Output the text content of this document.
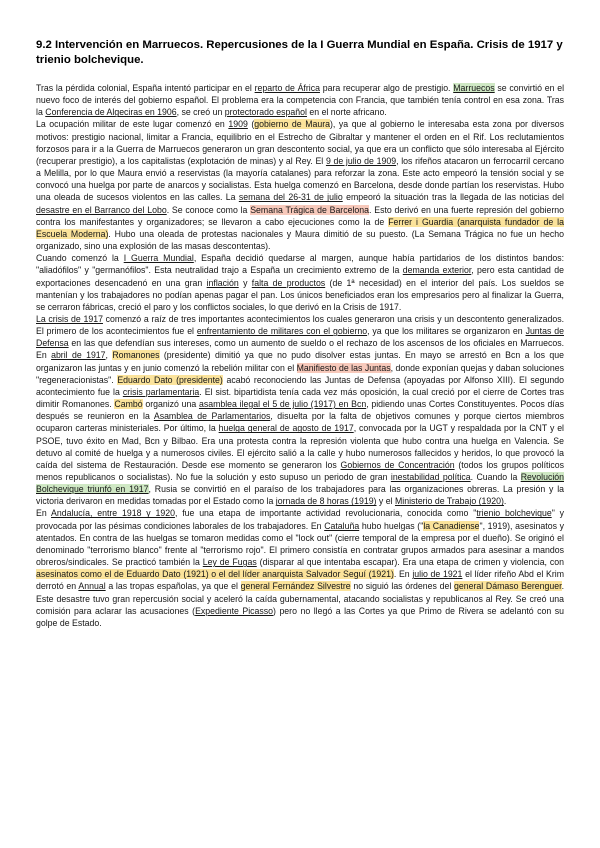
9.2 Intervención en Marruecos. Repercusiones de la I Guerra Mundial en España. Crisis de 1917 y trienio bolchevique.

Tras la pérdida colonial, España intentó participar en el reparto de África para recuperar algo de prestigio. Marruecos se convirtió en el nuevo foco de interés del gobierno español. El problema era la competencia con Francia, que también tenía control en esa zona. Tras la Conferencia de Algeciras en 1906, se creó un protectorado español en el norte africano.

La ocupación militar de este lugar comenzó en 1909 (gobierno de Maura), ya que al gobierno le interesaba esta zona por diversos motivos: prestigio nacional, limitar a Francia, equilibrio en el Estrecho de Gibraltar y mantener el orden en el Rif. Los reclutamientos forzosos para ir a la Guerra de Marruecos generaron un gran descontento social, ya que era un conflicto que sólo interesaba al Ejército (recuperar prestigio), a los capitalistas (explotación de minas) y al Rey. El 9 de julio de 1909, los rifeños atacaron un ferrocarril cercano a Melilla, por lo que Maura envió a reservistas (la mayoría catalanes) para reforzar la zona. Este acto empeoró la tensión social y se convocó una huelga por parte de anarcos y socialistas. Esta huelga comenzó en Barcelona, desde donde partían los reservistas. Hubo una oleada de sucesos violentos en las calles. La semana del 26-31 de julio empeoró la situación tras la llegada de las noticias del desastre en el Barranco del Lobo. Se conoce como la Semana Trágica de Barcelona. Esto derivó en una fuerte represión del gobierno contra los manifestantes y organizadores; se llevaron a cabo ejecuciones como la de Ferrer i Guardia (anarquista fundador de la Escuela Moderna). Hubo una oleada de protestas nacionales y Maura dimitió de su puesto. (La Semana Trágica no fue un hecho organizado, sino una explosión de las masas descontentas).

Cuando comenzó la I Guerra Mundial, España decidió quedarse al margen, aunque había partidarios de los distintos bandos: "aliadófilos" y "germanófilos". Esta neutralidad trajo a España un crecimiento extremo de la demanda exterior, pero esta cantidad de exportaciones desencadenó en una gran inflación y falta de productos (de 1ª necesidad) en el interior del país. Los sueldos se mantenían y los trabajadores no podían apenas pagar el pan. Los únicos beneficiados eran los empresarios pero al finalizar la Guerra, se cerraron fábricas, creció el paro y los conflictos sociales, lo que derivó en la Crisis de 1917.

La crisis de 1917 comenzó a raíz de tres importantes acontecimientos los cuales generaron una crisis y un descontento generalizados. El primero de los acontecimientos fue el enfrentamiento de militares con el gobierno, ya que los militares se organizaron en Juntas de Defensa en las que defendían sus intereses, como un aumento de sueldo o el rechazo de los ascensos de los oficiales en Marruecos. En abril de 1917, Romanones (presidente) dimitió ya que no pudo disolver estas juntas. En mayo se arrestó en Bcn a los que organizaron las juntas y en junio comenzó la rebelión militar con el Manifiesto de las Juntas, donde exponían quejas y daban soluciones "regeneracionistas". Eduardo Dato (presidente) acabó reconociendo las Juntas de Defensa (apoyadas por Alfonso XIII). El segundo acontecimiento fue la crisis parlamentaria. El sist. bipartidista tenía cada vez más oposición, la cual creció por el cierre de Cortes tras dimitir Romanones. Cambó organizó una asamblea ilegal el 5 de julio (1917) en Bcn, pidiendo unas Cortes Constituyentes. Pocos días después se reunieron en la Asamblea de Parlamentarios, disuelta por la falta de objetivos comunes y porque ciertos miembros ocuparon carteras ministeriales. Por último, la huelga general de agosto de 1917, convocada por la UGT y respaldada por la CNT y el PSOE, tuvo éxito en Mad, Bcn y Bilbao. Era una protesta contra la represión violenta que hubo contra una huelga en Valencia. Se detuvo al comité de huelga y a numerosos civiles. El ejército salió a la calle y hubo numerosos fallecidos y heridos, lo que provocó la caída del sistema de Restauración. Desde ese momento se generaron los Gobiernos de Concentración (todos los grupos políticos menos republicanos o socialistas). No fue la solución y esto supuso un periodo de gran inestabilidad política. Cuando la Revolución Bolchevique triunfó en 1917, Rusia se convirtió en el paraíso de los trabajadores para las organizaciones obreras. La presión y la victoria derivaron en medidas tomadas por el Estado como la jornada de 8 horas (1919) y el Ministerio de Trabajo (1920).

En Andalucía, entre 1918 y 1920, fue una etapa de importante actividad revolucionaria, conocida como "trienio bolchevique" y provocada por las pésimas condiciones laborales de los trabajadores. En Cataluña hubo huelgas ("la Canadiense", 1919), asesinatos y atentados. En contra de las huelgas se tomaron medidas como el "lock out" (cierre temporal de la empresa por el dueño). Se originó el denominado "terrorismo blanco" frente al "terrorismo rojo". El primero consistía en contratar grupos armados para asesinar a mandos obreros/sindicales. Se practicó también la Ley de Fugas (disparar al que intentaba escapar). Era una etapa de crimen y violencia, con asesinatos como el de Eduardo Dato (1921) o el del líder anarquista Salvador Seguí (1921). En julio de 1921 el líder rifeño Abd el Krim derrotó en Annual a las tropas españolas, ya que el general Fernández Silvestre no siguió las órdenes del general Dámaso Berenguer. Este desastre tuvo gran repercusión social y aceleró la caída gubernamental, atacando socialistas y republicanos al Rey. Se creó una comisión para aclarar las acusaciones (Expediente Picasso) pero no llegó a las Cortes ya que Primo de Rivera se adelantó con su golpe de Estado.
